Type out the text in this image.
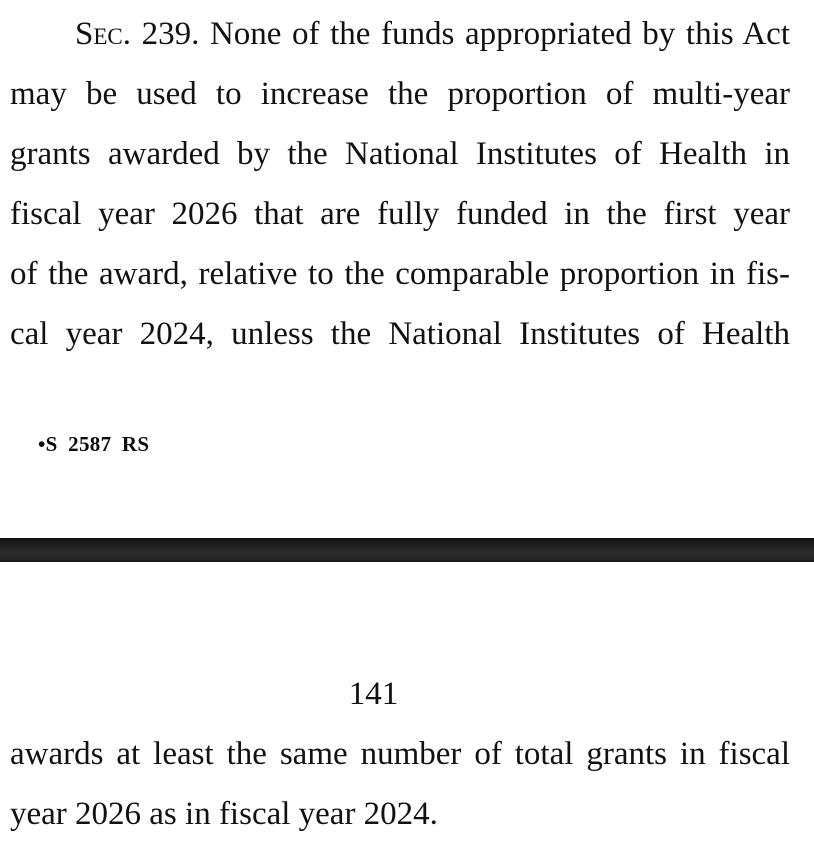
Sec. 239. None of the funds appropriated by this Act
may be used to increase the proportion of multi-year
grants awarded by the National Institutes of Health in
fiscal year 2026 that are fully funded in the first year
of the award, relative to the comparable proportion in fis-
cal year 2024, unless the National Institutes of Health
•S 2587 RS
141
awards at least the same number of total grants in fiscal
year 2026 as in fiscal year 2024.
